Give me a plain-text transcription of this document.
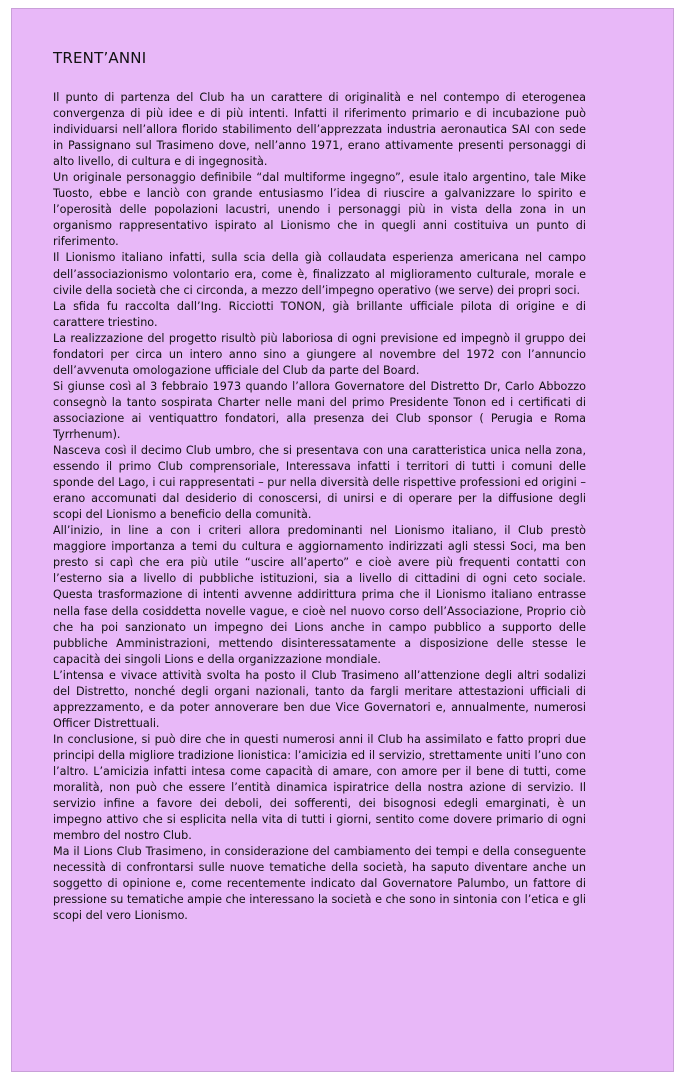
TRENT’ANNI

Il punto di partenza del Club ha un carattere di originalità e nel contempo di eterogenea convergenza di più idee e di più intenti. Infatti il riferimento primario e di incubazione può individuarsi nell’allora florido stabilimento dell’apprezzata industria aeronautica SAI con sede in Passignano sul Trasimeno dove, nell’anno 1971, erano attivamente presenti personaggi di alto livello, di cultura e di ingegnosità.

Un originale personaggio definibile “dal multiforme ingegno”, esule italo argentino, tale Mike Tuosto, ebbe e lanciò con grande entusiasmo l’idea di riuscire a galvanizzare lo spirito e l’operosità delle popolazioni lacustri, unendo i personaggi più in vista della zona in un organismo rappresentativo ispirato al Lionismo che in quegli anni costituiva un punto di riferimento.

Il Lionismo italiano infatti, sulla scia della già collaudata esperienza americana nel campo dell’associazionismo volontario era, come è, finalizzato al miglioramento culturale, morale e civile della società che ci circonda, a mezzo dell’impegno operativo (we serve) dei propri soci.

La sfida fu raccolta dall’Ing. Ricciotti TONON, già brillante ufficiale pilota di origine e di carattere triestino.

La realizzazione del progetto risultò più laboriosa di ogni previsione ed impegnò il gruppo dei fondatori per circa un intero anno sino a giungere al novembre del 1972 con l’annuncio dell’avvenuta omologazione ufficiale del Club da parte del Board.

Si giunse così al 3 febbraio 1973 quando l’allora Governatore del Distretto Dr, Carlo Abbozzo consegnò la tanto sospirata Charter nelle mani del primo Presidente Tonon ed i certificati di associazione ai ventiquattro fondatori, alla presenza dei Club sponsor ( Perugia e Roma Tyrrhenum).

Nasceva così il decimo Club umbro, che si presentava con una caratteristica unica nella zona, essendo il primo Club comprensoriale, Interessava infatti i territori di tutti i comuni delle sponde del Lago, i cui rappresentati – pur nella diversità delle rispettive professioni ed origini – erano accomunati dal desiderio di conoscersi, di unirsi e di operare per la diffusione degli scopi del Lionismo a beneficio della comunità.

All’inizio, in line a con i criteri allora predominanti nel Lionismo italiano, il Club prestò maggiore importanza a temi du cultura e aggiornamento indirizzati agli stessi Soci, ma ben presto si capì che era più utile “uscire all’aperto” e cioè avere più frequenti contatti con l’esterno sia a livello di pubbliche istituzioni, sia a livello di cittadini di ogni ceto sociale. Questa trasformazione di intenti avvenne addirittura prima che il Lionismo italiano entrasse nella fase della cosiddetta novelle vague, e cioè nel nuovo corso dell’Associazione, Proprio ciò che ha poi sanzionato un impegno dei Lions anche in campo pubblico a supporto delle pubbliche Amministrazioni, mettendo disinteressatamente a disposizione delle stesse le capacità dei singoli Lions e della organizzazione mondiale.

L’intensa e vivace attività svolta ha posto il Club Trasimeno all’attenzione degli altri sodalizi del Distretto, nonché degli organi nazionali, tanto da fargli meritare attestazioni ufficiali di apprezzamento, e da poter annoverare ben due Vice Governatori e, annualmente, numerosi Officer Distrettuali.

In conclusione, si può dire che in questi numerosi anni il Club ha assimilato e fatto propri due principi della migliore tradizione lionistica: l’amicizia ed il servizio, strettamente uniti l’uno con l’altro. L’amicizia infatti intesa come capacità di amare, con amore per il bene di tutti, come moralità, non può che essere l’entità dinamica ispiratrice della nostra azione di servizio. Il servizio infine a favore dei deboli, dei sofferenti, dei bisognosi edegli emarginati, è un impegno attivo che si esplicita nella vita di tutti i giorni, sentito come dovere primario di ogni membro del nostro Club.

Ma il Lions Club Trasimeno, in considerazione del cambiamento dei tempi e della conseguente necessità di confrontarsi sulle nuove tematiche della società, ha saputo diventare anche un soggetto di opinione e, come recentemente indicato dal Governatore Palumbo, un fattore di pressione su tematiche ampie che interessano la società e che sono in sintonia con l’etica e gli scopi del vero Lionismo.
